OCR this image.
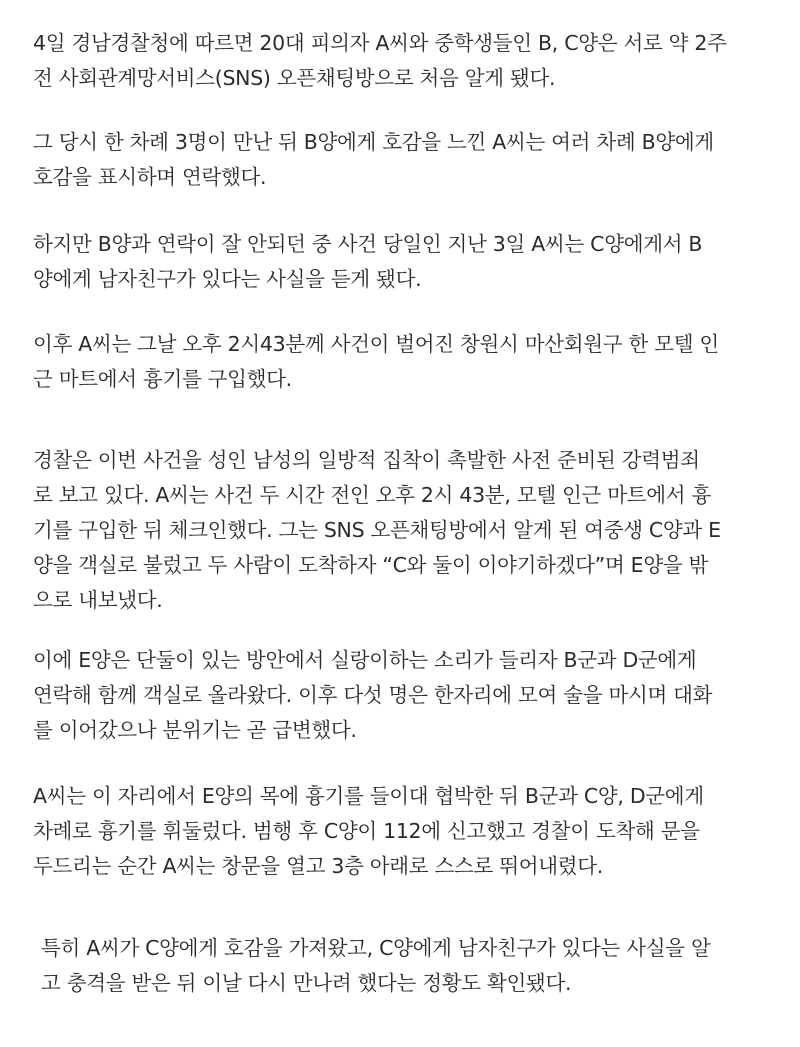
4일 경남경찰청에 따르면 20대 피의자 A씨와 중학생들인 B, C양은 서로 약 2주
전 사회관계망서비스(SNS) 오픈채팅방으로 처음 알게 됐다.

그 당시 한 차례 3명이 만난 뒤 B양에게 호감을 느낀 A씨는 여러 차례 B양에게
호감을 표시하며 연락했다.

하지만 B양과 연락이 잘 안되던 중 사건 당일인 지난 3일 A씨는 C양에게서 B
양에게 남자친구가 있다는 사실을 듣게 됐다.

이후 A씨는 그날 오후 2시43분께 사건이 벌어진 창원시 마산회원구 한 모텔 인
근 마트에서 흉기를 구입했다.

경찰은 이번 사건을 성인 남성의 일방적 집착이 촉발한 사전 준비된 강력범죄
로 보고 있다. A씨는 사건 두 시간 전인 오후 2시 43분, 모텔 인근 마트에서 흉
기를 구입한 뒤 체크인했다. 그는 SNS 오픈채팅방에서 알게 된 여중생 C양과 E
양을 객실로 불렀고 두 사람이 도착하자 “C와 둘이 이야기하겠다”며 E양을 밖
으로 내보냈다.

이에 E양은 단둘이 있는 방안에서 실랑이하는 소리가 들리자 B군과 D군에게
연락해 함께 객실로 올라왔다. 이후 다섯 명은 한자리에 모여 술을 마시며 대화
를 이어갔으나 분위기는 곧 급변했다.

A씨는 이 자리에서 E양의 목에 흉기를 들이대 협박한 뒤 B군과 C양, D군에게
차례로 흉기를 휘둘렀다. 범행 후 C양이 112에 신고했고 경찰이 도착해 문을
두드리는 순간 A씨는 창문을 열고 3층 아래로 스스로 뛰어내렸다.

특히 A씨가 C양에게 호감을 가져왔고, C양에게 남자친구가 있다는 사실을 알
고 충격을 받은 뒤 이날 다시 만나려 했다는 정황도 확인됐다.
